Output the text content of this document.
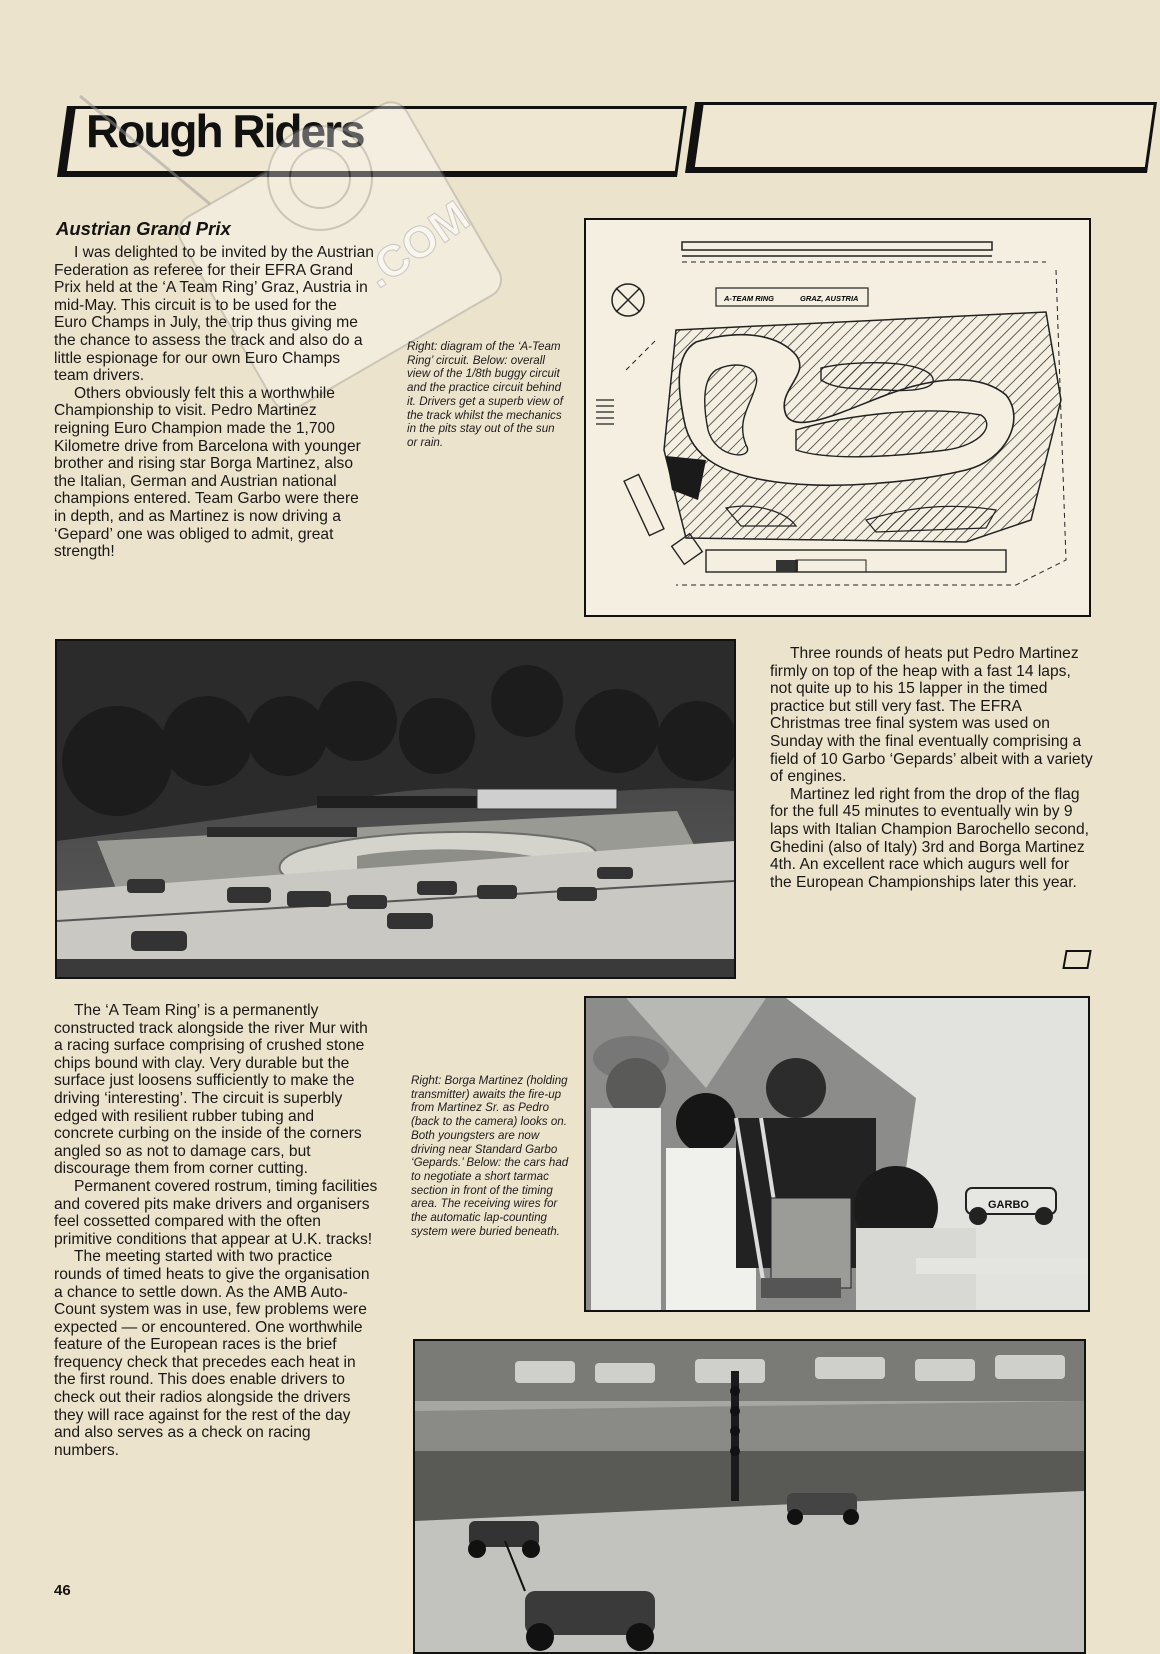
Rough Riders
.COM
Austrian Grand Prix

I was delighted to be invited by the Austrian Federation as referee for their EFRA Grand Prix held at the ‘A Team Ring’ Graz, Austria in mid-May. This circuit is to be used for the Euro Champs in July, the trip thus giving me the chance to assess the track and also do a little espionage for our own Euro Champs team drivers.

Others obviously felt this a worthwhile Championship to visit. Pedro Martinez reigning Euro Champion made the 1,700 Kilometre drive from Barcelona with younger brother and rising star Borga Martinez, also the Italian, German and Austrian national champions entered. Team Garbo were there in depth, and as Martinez is now driving a ‘Gepard’ one was obliged to admit, great strength!

Right: diagram of the ‘A-Team Ring’ circuit. Below: overall view of the 1/8th buggy circuit and the practice circuit behind it. Drivers get a superb view of the track whilst the mechanics in the pits stay out of the sun or rain.
A-TEAM RING	GRAZ, AUSTRIA

Three rounds of heats put Pedro Martinez firmly on top of the heap with a fast 14 laps, not quite up to his 15 lapper in the timed practice but still very fast. The EFRA Christmas tree final system was used on Sunday with the final eventually comprising a field of 10 Garbo ‘Gepards’ albeit with a variety of engines.

Martinez led right from the drop of the flag for the full 45 minutes to eventually win by 9 laps with Italian Champion Barochello second, Ghedini (also of Italy) 3rd and Borga Martinez 4th. An excellent race which augurs well for the European Championships later this year.

The ‘A Team Ring’ is a permanently constructed track alongside the river Mur with a racing surface comprising of crushed stone chips bound with clay. Very durable but the surface just loosens sufficiently to make the driving ‘interesting’. The circuit is superbly edged with resilient rubber tubing and concrete curbing on the inside of the corners angled so as not to damage cars, but discourage them from corner cutting.

Permanent covered rostrum, timing facilities and covered pits make drivers and organisers feel cossetted compared with the often primitive conditions that appear at U.K. tracks!

The meeting started with two practice rounds of timed heats to give the organisation a chance to settle down. As the AMB Auto-Count system was in use, few problems were expected — or encountered. One worthwhile feature of the European races is the brief frequency check that precedes each heat in the first round. This does enable drivers to check out their radios alongside the drivers they will race against for the rest of the day and also serves as a check on racing numbers.

Right: Borga Martinez (holding transmitter) awaits the fire-up from Martinez Sr. as Pedro (back to the camera) looks on. Both youngsters are now driving near Standard Garbo ‘Gepards.’ Below: the cars had to negotiate a short tarmac section in front of the timing area. The receiving wires for the automatic lap-counting system were buried beneath.
GARBO
46
